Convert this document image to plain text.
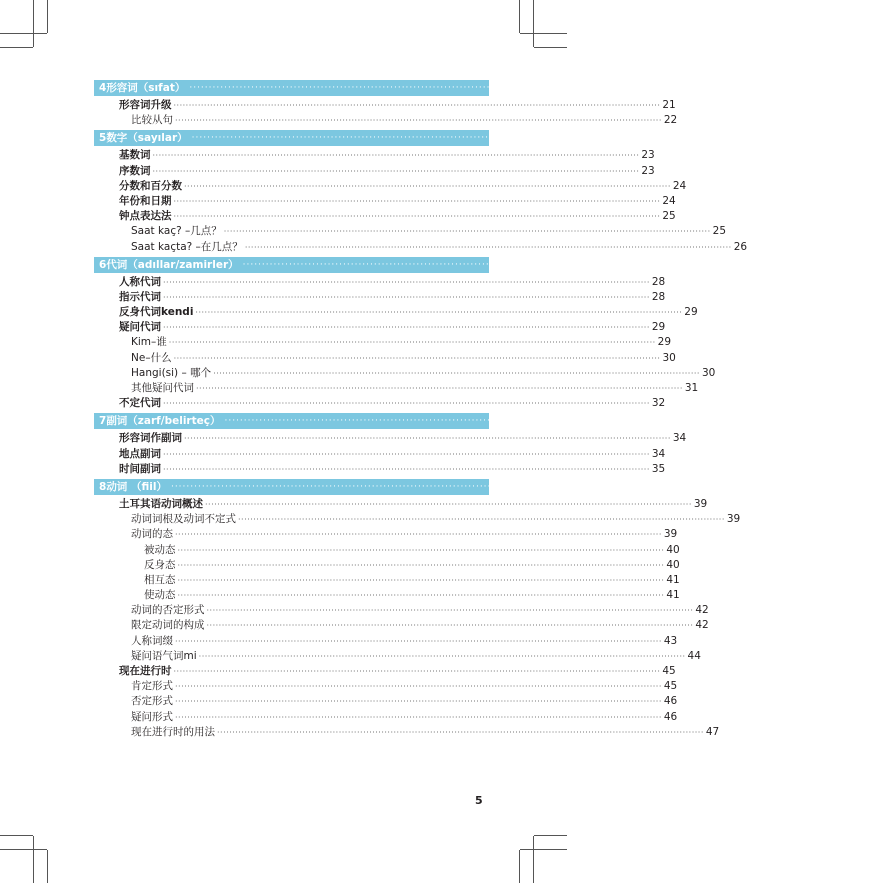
4 形容词（sıfat） ································································································································································ 21
形容词升级 ································································································································································ 21
比较从句 ································································································································································ 22
5 数字（sayılar） ································································································································································ 23
基数词 ································································································································································ 23
序数词 ································································································································································ 23
分数和百分数 ································································································································································ 24
年份和日期 ································································································································································ 24
钟点表达法 ································································································································································ 25
Saat kaç? –几点？ ································································································································································ 25
Saat kaçta? –在几点？ ································································································································································ 26
6 代词（adıllar/zamirler） ································································································································································ 28
人称代词 ································································································································································ 28
指示代词 ································································································································································ 28
反身代词kendi ································································································································································ 29
疑问代词 ································································································································································ 29
Kim–谁 ································································································································································ 29
Ne–什么 ································································································································································ 30
Hangi(si) – 哪个 ································································································································································ 30
其他疑问代词 ································································································································································ 31
不定代词 ································································································································································ 32
7 副词（zarf/belirteç） ································································································································································ 34
形容词作副词 ································································································································································ 34
地点副词 ································································································································································ 34
时间副词 ································································································································································ 35
8 动词 （fiil） ································································································································································ 39
土耳其语动词概述 ································································································································································ 39
动词词根及动词不定式 ································································································································································ 39
动词的态 ································································································································································ 39
被动态 ································································································································································ 40
反身态 ································································································································································ 40
相互态 ································································································································································ 41
使动态 ································································································································································ 41
动词的否定形式 ································································································································································ 42
限定动词的构成 ································································································································································ 42
人称词缀 ································································································································································ 43
疑问语气词mi ································································································································································ 44
现在进行时 ································································································································································ 45
肯定形式 ································································································································································ 45
否定形式 ································································································································································ 46
疑问形式 ································································································································································ 46
现在进行时的用法 ································································································································································ 47
5
